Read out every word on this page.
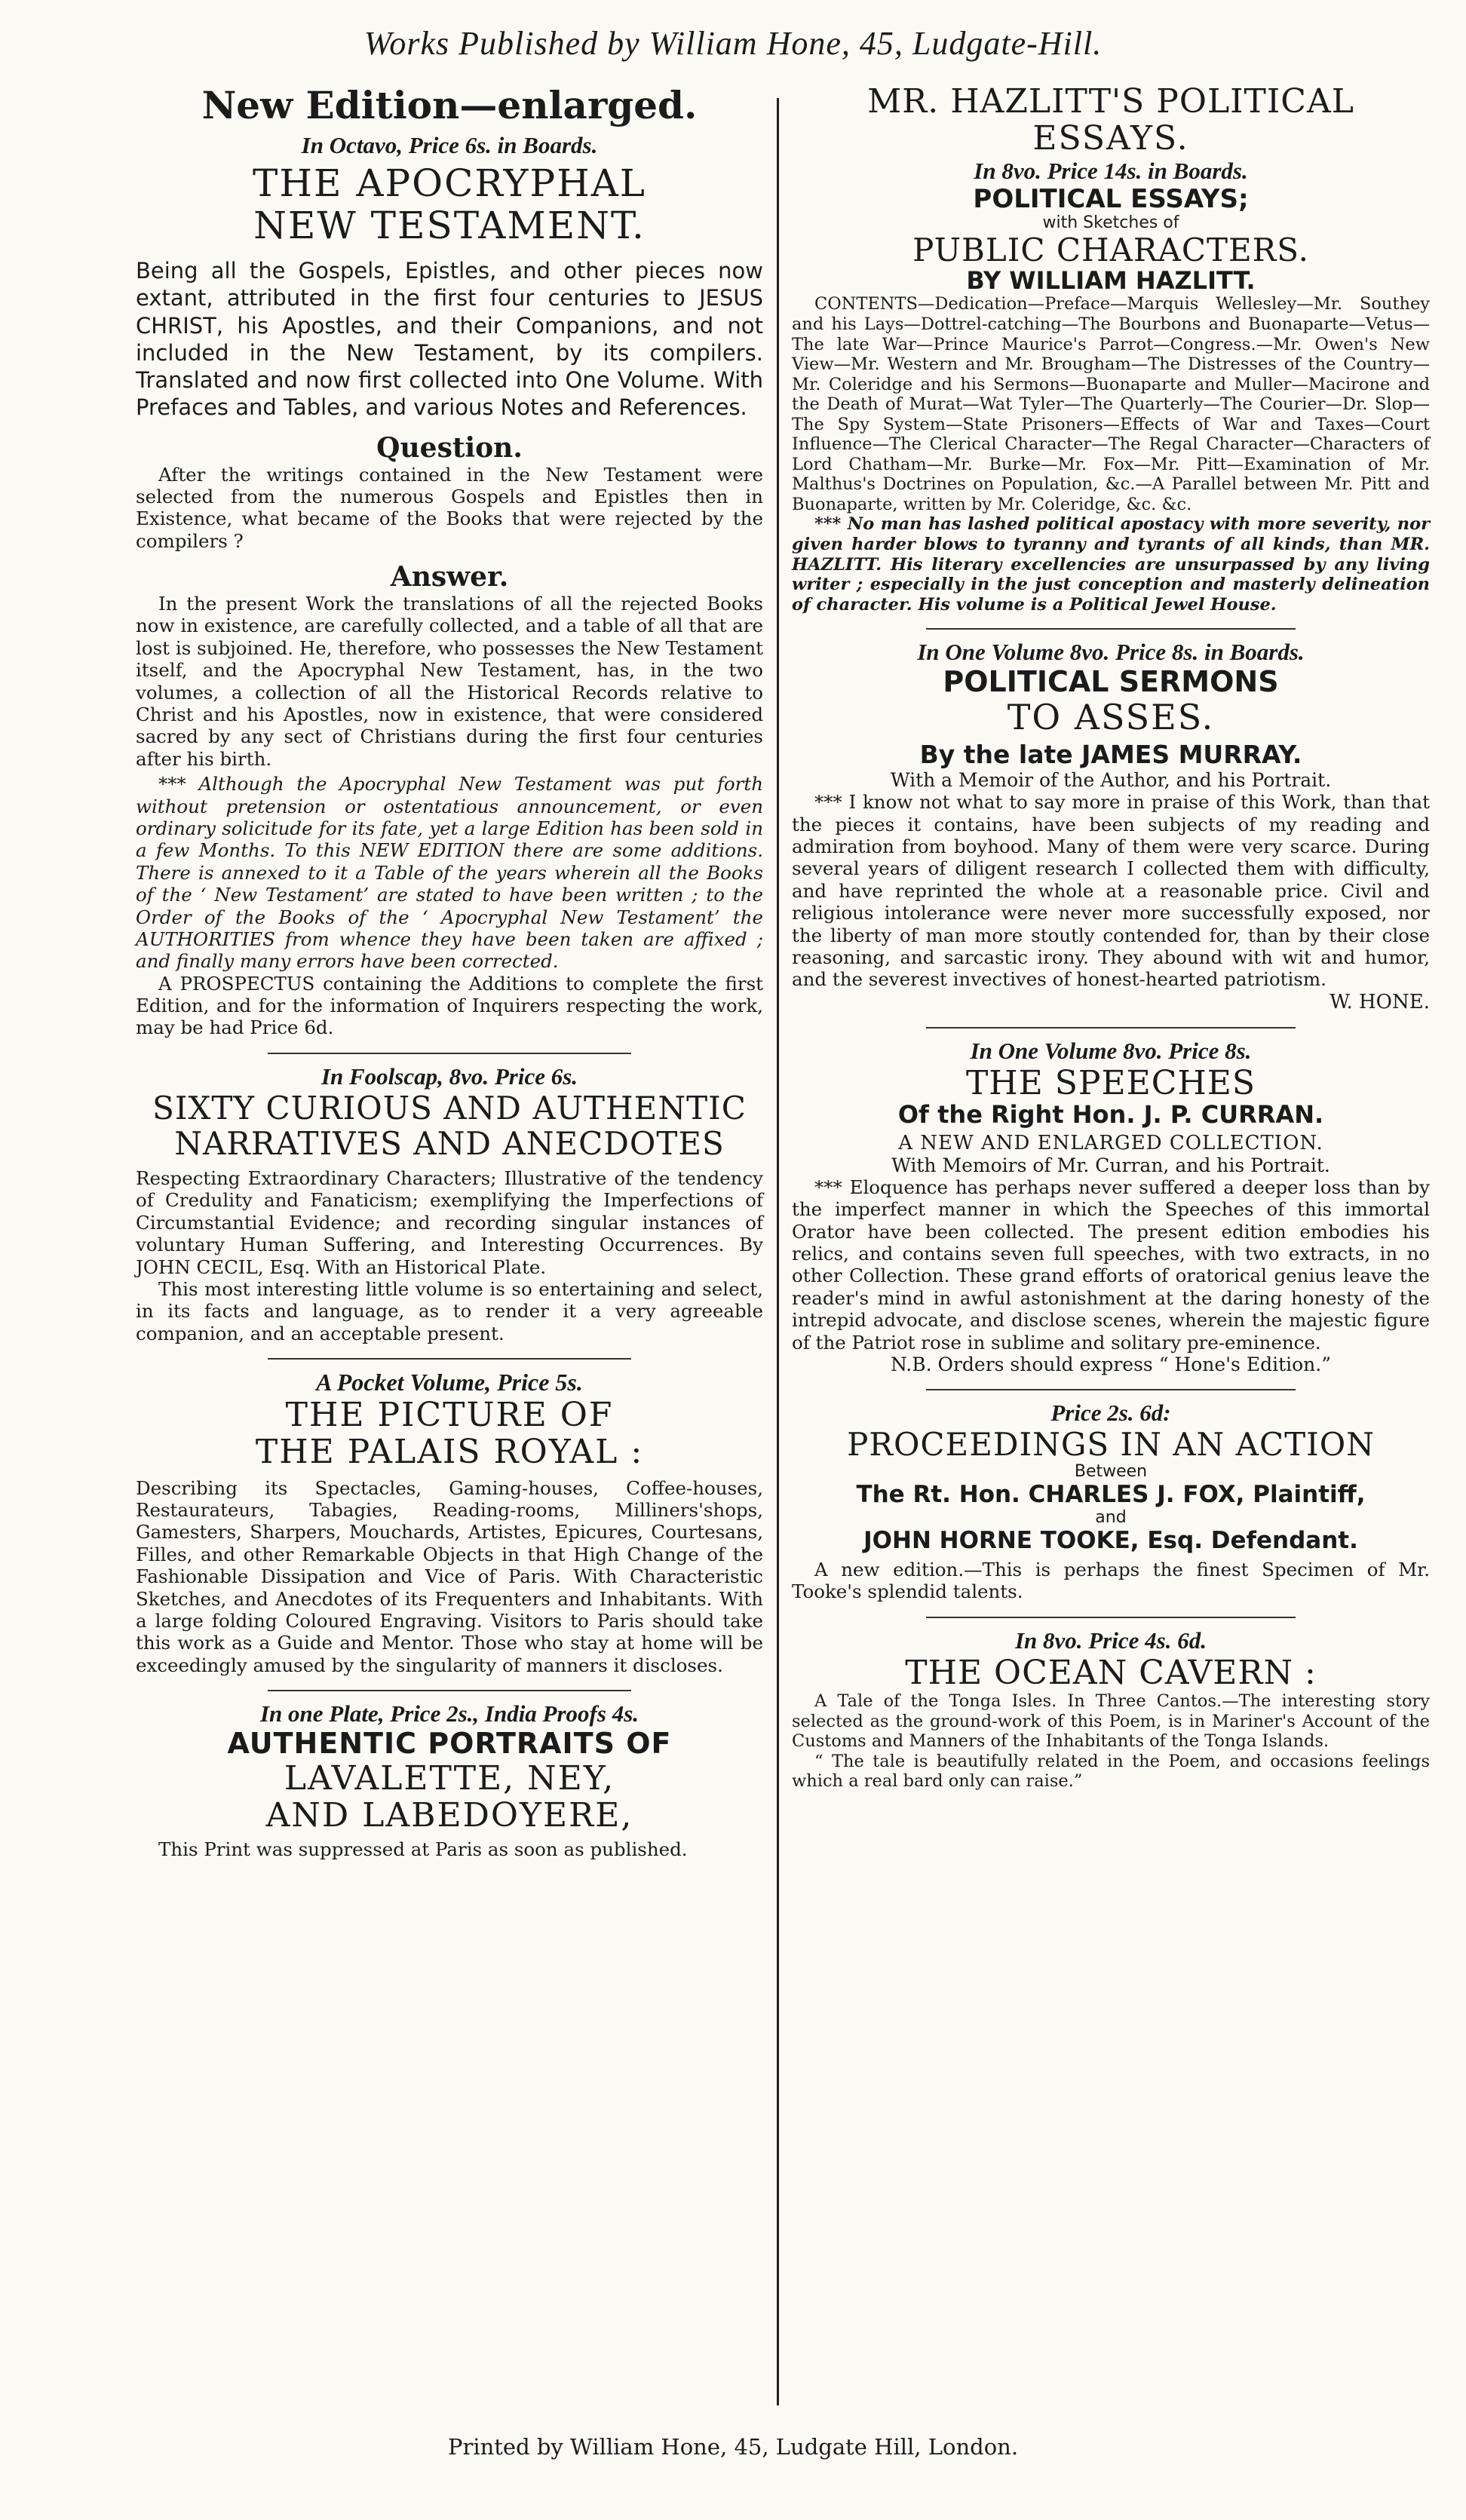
Works Published by William Hone, 45, Ludgate-Hill.
New Edition—enlarged.
In Octavo, Price 6s. in Boards.
THE APOCRYPHAL
NEW TESTAMENT.

Being all the Gospels, Epistles, and other pieces now extant, attributed in the first four centuries to JESUS CHRIST, his Apostles, and their Companions, and not included in the New Testament, by its compilers. Translated and now first collected into One Volume. With Prefaces and Tables, and various Notes and References.

Question.

After the writings contained in the New Testament were selected from the numerous Gospels and Epistles then in Existence, what became of the Books that were rejected by the compilers ?

Answer.

In the present Work the translations of all the rejected Books now in existence, are carefully collected, and a table of all that are lost is subjoined. He, therefore, who possesses the New Testament itself, and the Apocryphal New Testament, has, in the two volumes, a collection of all the Historical Records relative to Christ and his Apostles, now in existence, that were considered sacred by any sect of Christians during the first four centuries after his birth.

*** Although the Apocryphal New Testament was put forth without pretension or ostentatious announcement, or even ordinary solicitude for its fate, yet a large Edition has been sold in a few Months. To this NEW EDITION there are some additions. There is annexed to it a Table of the years wherein all the Books of the ‘ New Testament’ are stated to have been written ; to the Order of the Books of the ‘ Apocryphal New Testament’ the AUTHORITIES from whence they have been taken are affixed ; and finally many errors have been corrected.

A PROSPECTUS containing the Additions to complete the first Edition, and for the information of Inquirers respecting the work, may be had Price 6d.

In Foolscap, 8vo. Price 6s.
SIXTY CURIOUS AND AUTHENTIC
NARRATIVES AND ANECDOTES

Respecting Extraordinary Characters; Illustrative of the tendency of Credulity and Fanaticism; exemplifying the Imperfections of Circumstantial Evidence; and recording singular instances of voluntary Human Suffering, and Interesting Occurrences. By JOHN CECIL, Esq. With an Historical Plate.

This most interesting little volume is so entertaining and select, in its facts and language, as to render it a very agreeable companion, and an acceptable present.

A Pocket Volume, Price 5s.
THE PICTURE OF
THE PALAIS ROYAL :

Describing its Spectacles, Gaming-houses, Coffee-houses, Restaurateurs, Tabagies, Reading-rooms, Milliners'shops, Gamesters, Sharpers, Mouchards, Artistes, Epicures, Courtesans, Filles, and other Remarkable Objects in that High Change of the Fashionable Dissipation and Vice of Paris. With Characteristic Sketches, and Anecdotes of its Frequenters and Inhabitants. With a large folding Coloured Engraving. Visitors to Paris should take this work as a Guide and Mentor. Those who stay at home will be exceedingly amused by the singularity of manners it discloses.

In one Plate, Price 2s., India Proofs 4s.
AUTHENTIC PORTRAITS OF
LAVALETTE, NEY,
AND LABEDOYERE,

This Print was suppressed at Paris as soon as published.

MR. HAZLITT'S POLITICAL
ESSAYS.
In 8vo. Price 14s. in Boards.
POLITICAL ESSAYS;
with Sketches of
PUBLIC CHARACTERS.
BY WILLIAM HAZLITT.

CONTENTS—Dedication—Preface—Marquis Wellesley—Mr. Southey and his Lays—Dottrel-catching—The Bourbons and Buonaparte—Vetus—The late War—Prince Maurice's Parrot—Congress.—Mr. Owen's New View—Mr. Western and Mr. Brougham—The Distresses of the Country—Mr. Coleridge and his Sermons—Buonaparte and Muller—Macirone and the Death of Murat—Wat Tyler—The Quarterly—The Courier—Dr. Slop—The Spy System—State Prisoners—Effects of War and Taxes—Court Influence—The Clerical Character—The Regal Character—Characters of Lord Chatham—Mr. Burke—Mr. Fox—Mr. Pitt—Examination of Mr. Malthus's Doctrines on Population, &c.—A Parallel between Mr. Pitt and Buonaparte, written by Mr. Coleridge, &c. &c.

*** No man has lashed political apostacy with more severity, nor given harder blows to tyranny and tyrants of all kinds, than MR. HAZLITT. His literary excellencies are unsurpassed by any living writer ; especially in the just conception and masterly delineation of character. His volume is a Political Jewel House.

In One Volume 8vo. Price 8s. in Boards.
POLITICAL SERMONS
TO ASSES.
By the late JAMES MURRAY.
With a Memoir of the Author, and his Portrait.

*** I know not what to say more in praise of this Work, than that the pieces it contains, have been subjects of my reading and admiration from boyhood. Many of them were very scarce. During several years of diligent research I collected them with difficulty, and have reprinted the whole at a reasonable price. Civil and religious intolerance were never more successfully exposed, nor the liberty of man more stoutly contended for, than by their close reasoning, and sarcastic irony. They abound with wit and humor, and the severest invectives of honest-hearted patriotism.

W. HONE.
In One Volume 8vo. Price 8s.
THE SPEECHES
Of the Right Hon. J. P. CURRAN.
A NEW AND ENLARGED COLLECTION.
With Memoirs of Mr. Curran, and his Portrait.

*** Eloquence has perhaps never suffered a deeper loss than by the imperfect manner in which the Speeches of this immortal Orator have been collected. The present edition embodies his relics, and contains seven full speeches, with two extracts, in no other Collection. These grand efforts of oratorical genius leave the reader's mind in awful astonishment at the daring honesty of the intrepid advocate, and disclose scenes, wherein the majestic figure of the Patriot rose in sublime and solitary pre-eminence.

N.B. Orders should express “ Hone's Edition.”
Price 2s. 6d:
PROCEEDINGS IN AN ACTION
Between
The Rt. Hon. CHARLES J. FOX, Plaintiff,
and
JOHN HORNE TOOKE, Esq. Defendant.

A new edition.—This is perhaps the finest Specimen of Mr. Tooke's splendid talents.

In 8vo. Price 4s. 6d.
THE OCEAN CAVERN :

A Tale of the Tonga Isles. In Three Cantos.—The interesting story selected as the ground-work of this Poem, is in Mariner's Account of the Customs and Manners of the Inhabitants of the Tonga Islands.

“ The tale is beautifully related in the Poem, and occasions feelings which a real bard only can raise.”

Printed by William Hone, 45, Ludgate Hill, London.
